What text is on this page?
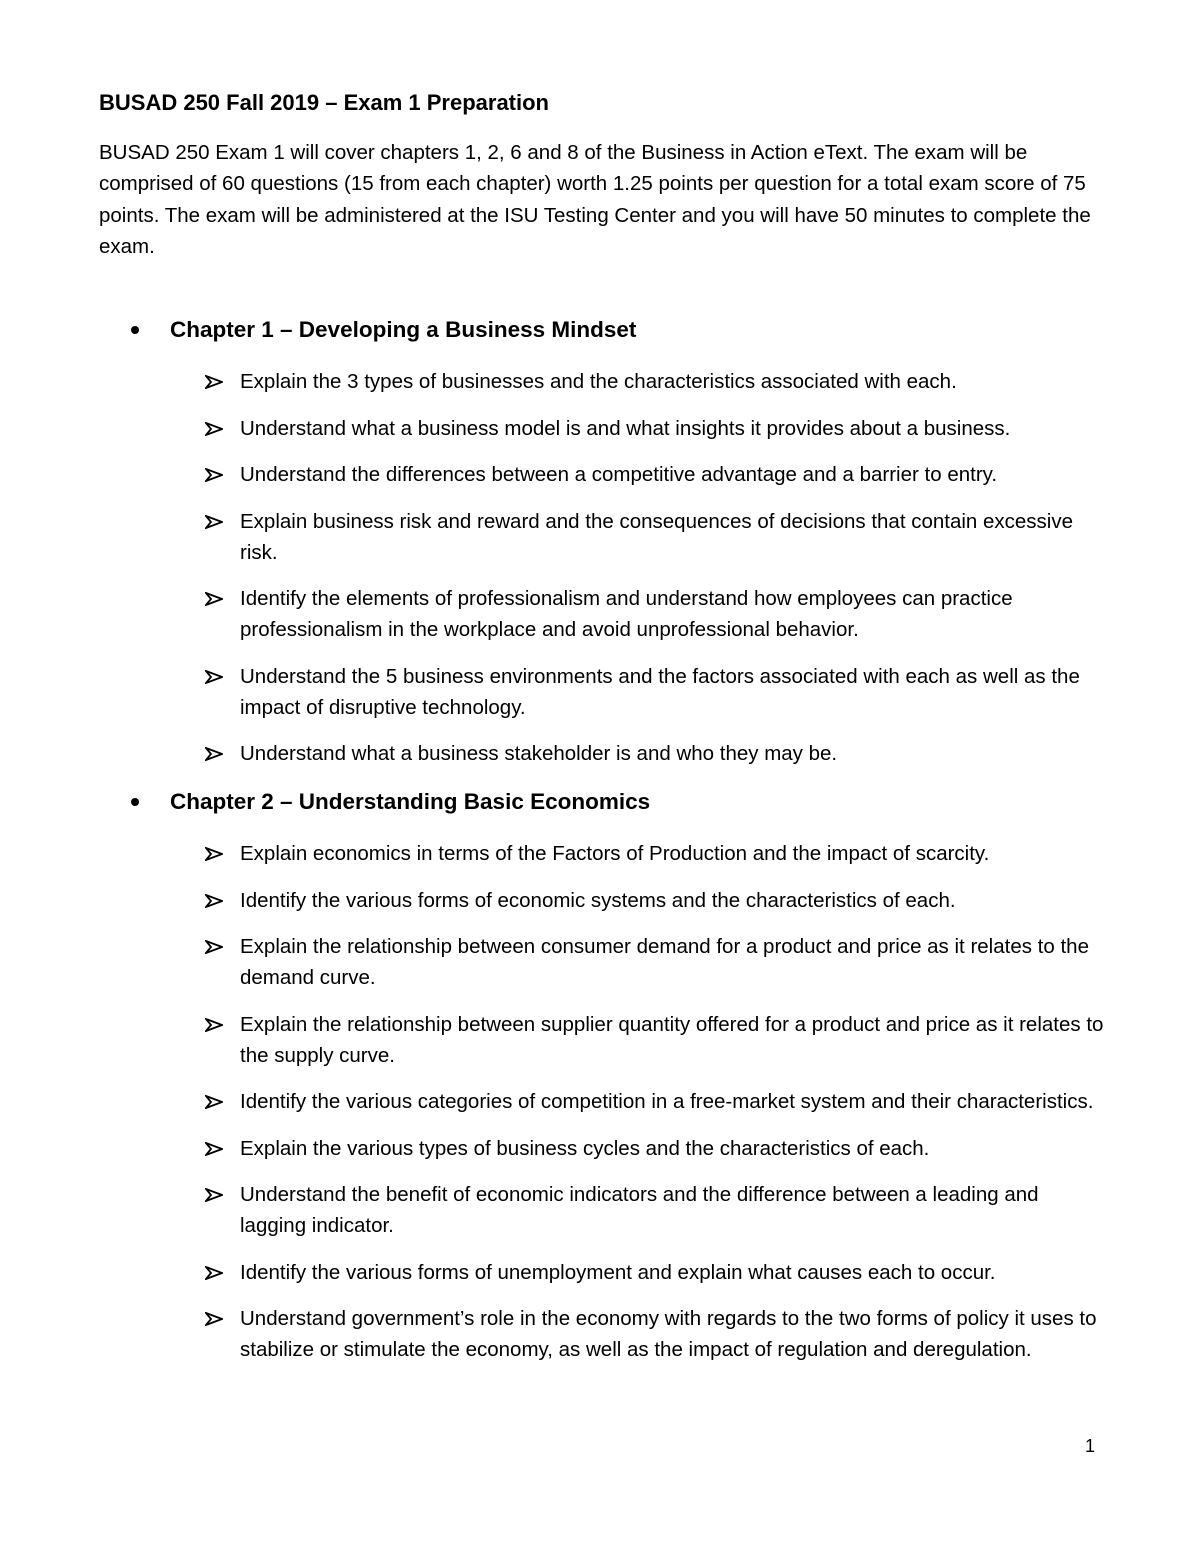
BUSAD 250 Fall 2019 – Exam 1 Preparation

BUSAD 250 Exam 1 will cover chapters 1, 2, 6 and 8 of the Business in Action eText. The exam will be comprised of 60 questions (15 from each chapter) worth 1.25 points per question for a total exam score of 75 points. The exam will be administered at the ISU Testing Center and you will have 50 minutes to complete the exam.

Chapter 1 – Developing a Business Mindset
Explain the 3 types of businesses and the characteristics associated with each.
Understand what a business model is and what insights it provides about a business.
Understand the differences between a competitive advantage and a barrier to entry.
Explain business risk and reward and the consequences of decisions that contain excessive risk.
Identify the elements of professionalism and understand how employees can practice professionalism in the workplace and avoid unprofessional behavior.
Understand the 5 business environments and the factors associated with each as well as the impact of disruptive technology.
Understand what a business stakeholder is and who they may be.
Chapter 2 – Understanding Basic Economics
Explain economics in terms of the Factors of Production and the impact of scarcity.
Identify the various forms of economic systems and the characteristics of each.
Explain the relationship between consumer demand for a product and price as it relates to the demand curve.
Explain the relationship between supplier quantity offered for a product and price as it relates to the supply curve.
Identify the various categories of competition in a free-market system and their characteristics.
Explain the various types of business cycles and the characteristics of each.
Understand the benefit of economic indicators and the difference between a leading and lagging indicator.
Identify the various forms of unemployment and explain what causes each to occur.
Understand government’s role in the economy with regards to the two forms of policy it uses to stabilize or stimulate the economy, as well as the impact of regulation and deregulation.
1
